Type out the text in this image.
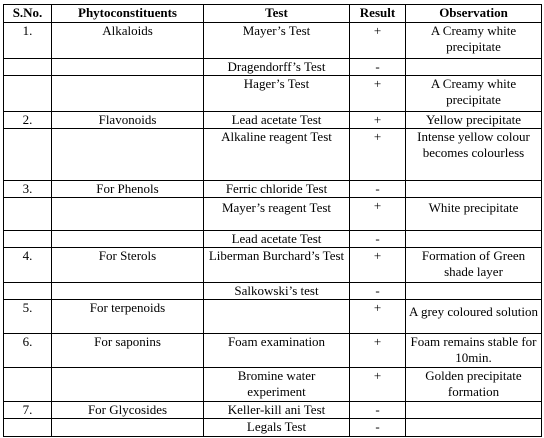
S.No.	Phytoconstituents	Test	Result	Observation
1.	Alkaloids	Mayer’s Test	+	A Creamy white precipitate
		Dragendorff’s Test	-	
		Hager’s Test	+	A Creamy white precipitate
2.	Flavonoids	Lead acetate Test	+	Yellow precipitate
		Alkaline reagent Test	+	Intense yellow colour becomes colourless
3.	For Phenols	Ferric chloride Test	-	
		Mayer’s reagent Test	+	White precipitate
		Lead acetate Test	-	
4.	For Sterols	Liberman Burchard’s Test	+	Formation of Green shade layer
		Salkowski’s test	-	
5.	For terpenoids		+	A grey coloured solution
6.	For saponins	Foam examination	+	Foam remains stable for 10min.
		Bromine water experiment	+	Golden precipitate formation
7.	For Glycosides	Keller-kill ani Test	-	
		Legals Test	-	
